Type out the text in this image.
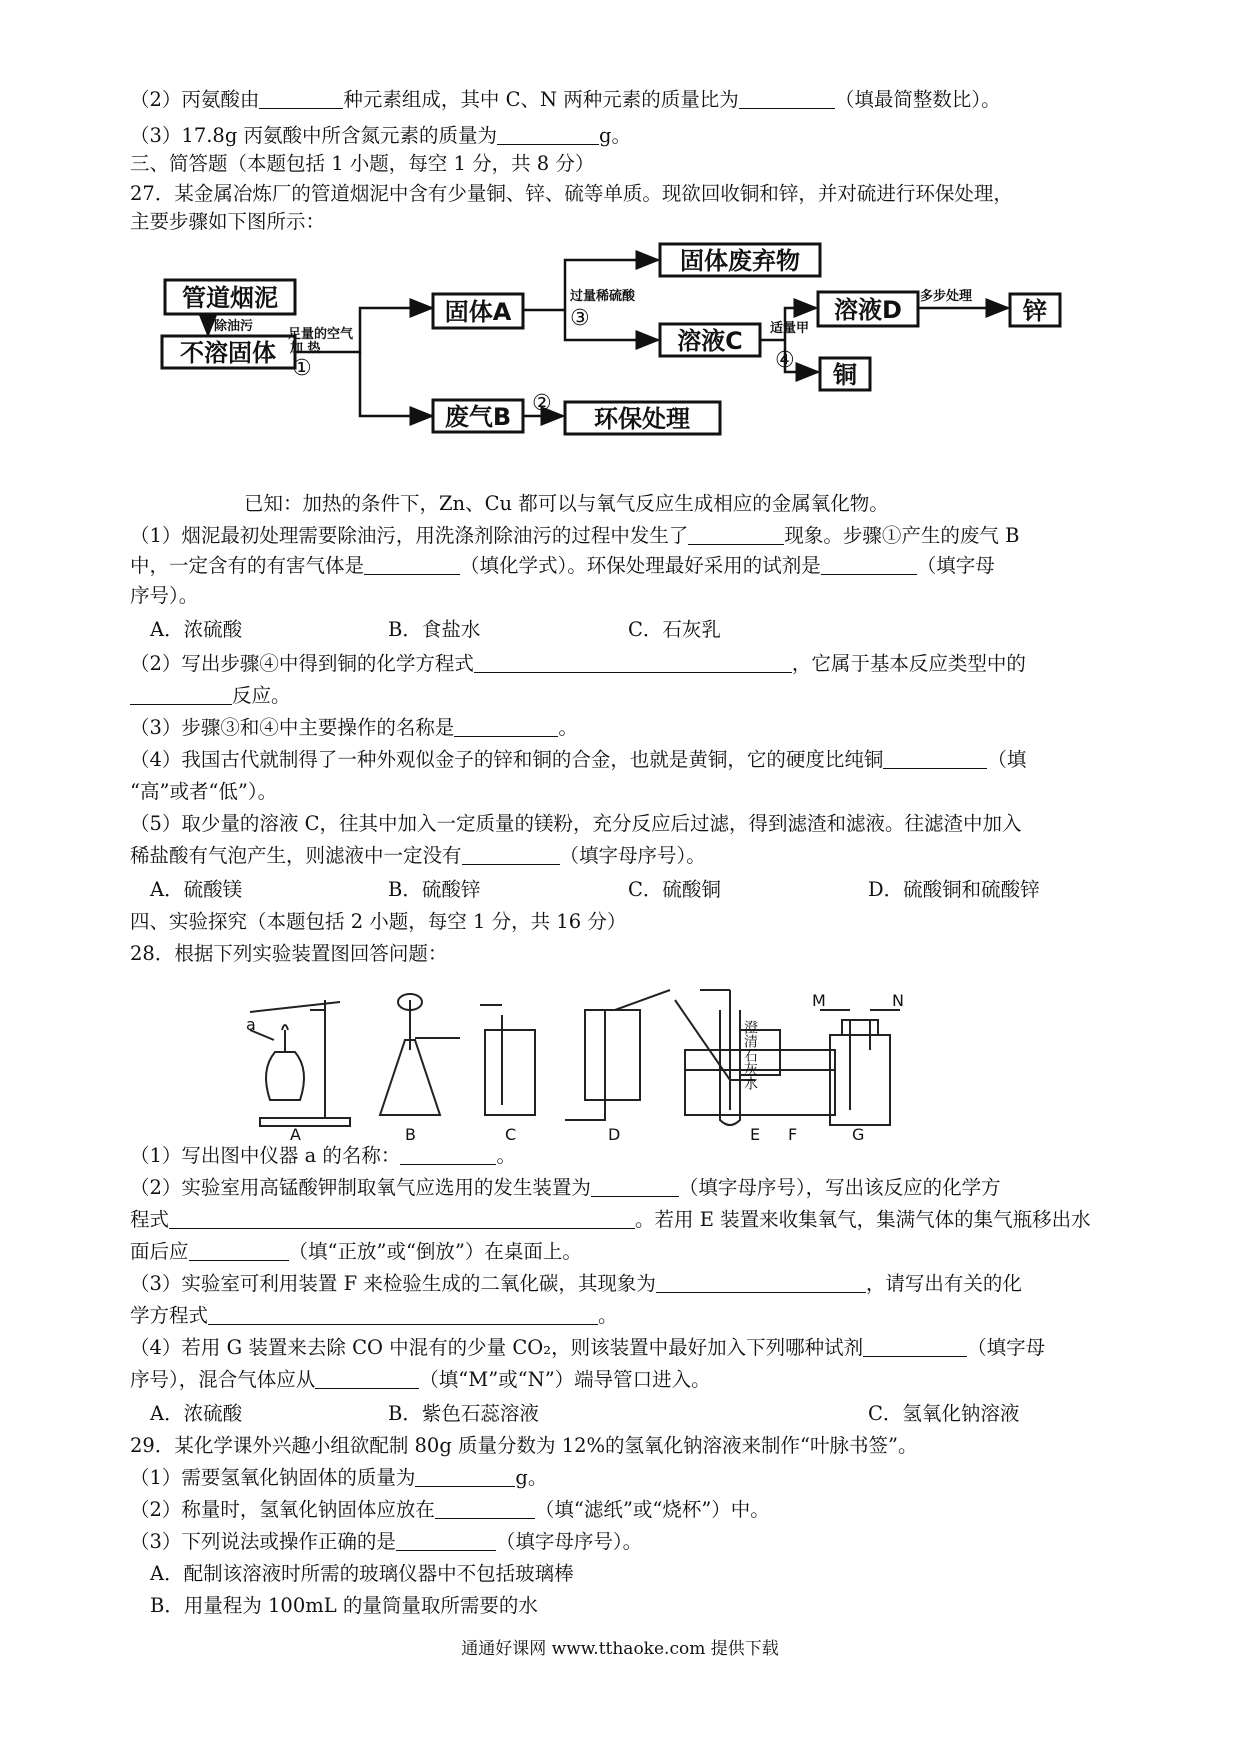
（2）丙氨酸由	种元素组成，其中 C、N 两种元素的质量比为	（填最简整数比）。
（3）17.8g 丙氨酸中所含氮元素的质量为	g。
三、简答题（本题包括 1 小题，每空 1 分，共 8 分）
27．某金属冶炼厂的管道烟泥中含有少量铜、锌、硫等单质。现欲回收铜和锌，并对硫进行环保处理，
主要步骤如下图所示：
管道烟泥
不溶固体
固体A
废气B
固体废弃物
溶液C
环保处理
溶液D	锌
铜
除油污
足量的空气
加 热
过量稀硫酸
适量甲
多步处理
①
②
③
④
已知：加热的条件下，Zn、Cu 都可以与氧气反应生成相应的金属氧化物。
（1）烟泥最初处理需要除油污，用洗涤剂除油污的过程中发生了	现象。步骤①产生的废气 B
中，一定含有的有害气体是	（填化学式）。环保处理最好采用的试剂是	（填字母
序号）。
A．浓硫酸	B．食盐水	C．石灰乳
（2）写出步骤④中得到铜的化学方程式	，它属于基本反应类型中的
反应。
（3）步骤③和④中主要操作的名称是	。
（4）我国古代就制得了一种外观似金子的锌和铜的合金，也就是黄铜，它的硬度比纯铜	（填
“高”或者“低”）。
（5）取少量的溶液 C，往其中加入一定质量的镁粉，充分反应后过滤，得到滤渣和滤液。往滤渣中加入
稀盐酸有气泡产生，则滤液中一定没有	（填字母序号）。
A．硫酸镁	B．硫酸锌	C．硫酸铜	D．硫酸铜和硫酸锌
四、实验探究（本题包括 2 小题，每空 1 分，共 16 分）
28．根据下列实验装置图回答问题：
a
A	B	C	D	E F	G
M	N
澄清石灰水
（1）写出图中仪器 a 的名称：	。
（2）实验室用高锰酸钾制取氧气应选用的发生装置为	（填字母序号），写出该反应的化学方
程式	。若用 E 装置来收集氧气，集满气体的集气瓶移出水
面后应	（填“正放”或“倒放”）在桌面上。
（3）实验室可利用装置 F 来检验生成的二氧化碳，其现象为	，请写出有关的化
学方程式	。
（4）若用 G 装置来去除 CO 中混有的少量 CO₂，则该装置中最好加入下列哪种试剂	（填字母
序号），混合气体应从	（填“M”或“N”）端导管口进入。
A．浓硫酸	B．紫色石蕊溶液	C．氢氧化钠溶液
29．某化学课外兴趣小组欲配制 80g 质量分数为 12%的氢氧化钠溶液来制作“叶脉书签”。
（1）需要氢氧化钠固体的质量为	g。
（2）称量时，氢氧化钠固体应放在	（填“滤纸”或“烧杯”）中。
（3）下列说法或操作正确的是	（填字母序号）。
A．配制该溶液时所需的玻璃仪器中不包括玻璃棒
B．用量程为 100mL 的量筒量取所需要的水
通通好课网 www.tthaoke.com 提供下载
